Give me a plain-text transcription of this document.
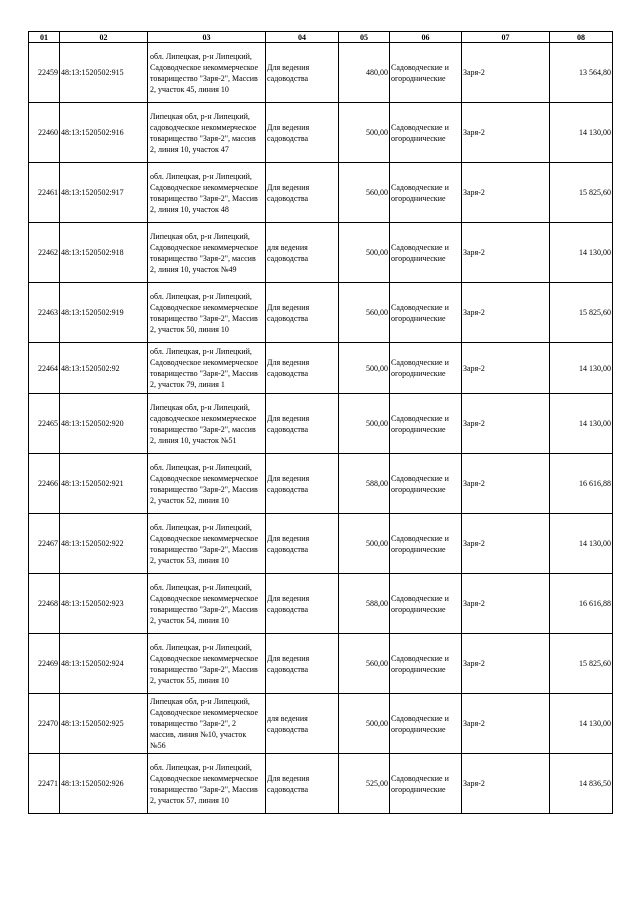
01	02	03	04	05	06	07	08
22459	48:13:1520502:915	обл. Липецкая, р-н Липецкий, Садоводческое некоммерческое товарищество "Заря-2", Массив 2, участок 45, линия 10	Для ведения садоводства	480,00	Садоводческие и огороднические	Заря-2	13 564,80
22460	48:13:1520502:916	Липецкая обл, р-н Липецкий, садоводческое некоммерческое товарищество "Заря-2", массив 2, линия 10, участок 47	Для ведения садоводства	500,00	Садоводческие и огороднические	Заря-2	14 130,00
22461	48:13:1520502:917	обл. Липецкая, р-н Липецкий, Садоводческое некоммерческое товарищество "Заря-2", Массив 2, линия 10, участок 48	Для ведения садоводства	560,00	Садоводческие и огороднические	Заря-2	15 825,60
22462	48:13:1520502:918	Липецкая обл, р-н Липецкий, Садоводческое некоммерческое товарищество "Заря-2", массив 2, линия 10, участок №49	для ведения садоводства	500,00	Садоводческие и огороднические	Заря-2	14 130,00
22463	48:13:1520502:919	обл. Липецкая, р-н Липецкий, Садоводческое некоммерческое товарищество "Заря-2", Массив 2, участок 50, линия 10	Для ведения садоводства	560,00	Садоводческие и огороднические	Заря-2	15 825,60
22464	48:13:1520502:92	обл. Липецкая, р-н Липецкий, Садоводческое некоммерческое товарищество "Заря-2", Массив 2, участок 79, линия 1	Для ведения садоводства	500,00	Садоводческие и огороднические	Заря-2	14 130,00
22465	48:13:1520502:920	Липецкая обл, р-н Липецкий, садоводческое некоммерческое товарищество "Заря-2", массив 2, линия 10, участок №51	Для ведения садоводства	500,00	Садоводческие и огороднические	Заря-2	14 130,00
22466	48:13:1520502:921	обл. Липецкая, р-н Липецкий, Садоводческое некоммерческое товарищество "Заря-2", Массив 2, участок 52, линия 10	Для ведения садоводства	588,00	Садоводческие и огороднические	Заря-2	16 616,88
22467	48:13:1520502:922	обл. Липецкая, р-н Липецкий, Садоводческое некоммерческое товарищество "Заря-2", Массив 2, участок 53, линия 10	Для ведения садоводства	500,00	Садоводческие и огороднические	Заря-2	14 130,00
22468	48:13:1520502:923	обл. Липецкая, р-н Липецкий, Садоводческое некоммерческое товарищество "Заря-2", Массив 2, участок 54, линия 10	Для ведения садоводства	588,00	Садоводческие и огороднические	Заря-2	16 616,88
22469	48:13:1520502:924	обл. Липецкая, р-н Липецкий, Садоводческое некоммерческое товарищество "Заря-2", Массив 2, участок 55, линия 10	Для ведения садоводства	560,00	Садоводческие и огороднические	Заря-2	15 825,60
22470	48:13:1520502:925	Липецкая обл, р-н Липецкий, Садоводческое некоммерческое товарищество "Заря-2", 2 массив, линия №10, участок №56	для ведения садоводства	500,00	Садоводческие и огороднические	Заря-2	14 130,00
22471	48:13:1520502:926	обл. Липецкая, р-н Липецкий, Садоводческое некоммерческое товарищество "Заря-2", Массив 2, участок 57, линия 10	Для ведения садоводства	525,00	Садоводческие и огороднические	Заря-2	14 836,50
